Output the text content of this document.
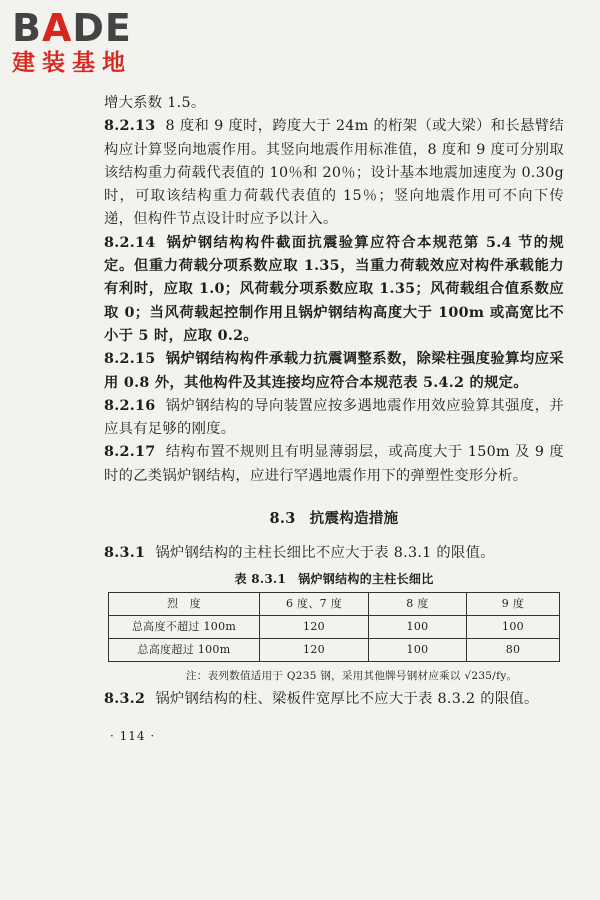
BADE
建装基地

增大系数 1.5。

8.2.13 8 度和 9 度时，跨度大于 24m 的桁架（或大梁）和长悬臂结构应计算竖向地震作用。其竖向地震作用标准值，8 度和 9 度可分别取该结构重力荷载代表值的 10％和 20％；设计基本地震加速度为 0.30g 时，可取该结构重力荷载代表值的 15％；竖向地震作用可不向下传递，但构件节点设计时应予以计入。

8.2.14 锅炉钢结构构件截面抗震验算应符合本规范第 5.4 节的规定。但重力荷载分项系数应取 1.35，当重力荷载效应对构件承载能力有利时，应取 1.0；风荷载分项系数应取 1.35；风荷载组合值系数应取 0；当风荷载起控制作用且锅炉钢结构高度大于 100m 或高宽比不小于 5 时，应取 0.2。

8.2.15 锅炉钢结构构件承载力抗震调整系数，除梁柱强度验算均应采用 0.8 外，其他构件及其连接均应符合本规范表 5.4.2 的规定。

8.2.16 锅炉钢结构的导向装置应按多遇地震作用效应验算其强度，并应具有足够的刚度。

8.2.17 结构布置不规则且有明显薄弱层，或高度大于 150m 及 9 度时的乙类锅炉钢结构，应进行罕遇地震作用下的弹塑性变形分析。

8.3 抗震构造措施

8.3.1 锅炉钢结构的主柱长细比不应大于表 8.3.1 的限值。

表 8.3.1 锅炉钢结构的主柱长细比
烈　度	6 度、7 度	8 度	9 度
总高度不超过 100m	120	100	100
总高度超过 100m	120	100	80
注：表列数值适用于 Q235 钢，采用其他牌号钢材应乘以 √235/fy。

8.3.2 锅炉钢结构的柱、梁板件宽厚比不应大于表 8.3.2 的限值。

· 114 ·
